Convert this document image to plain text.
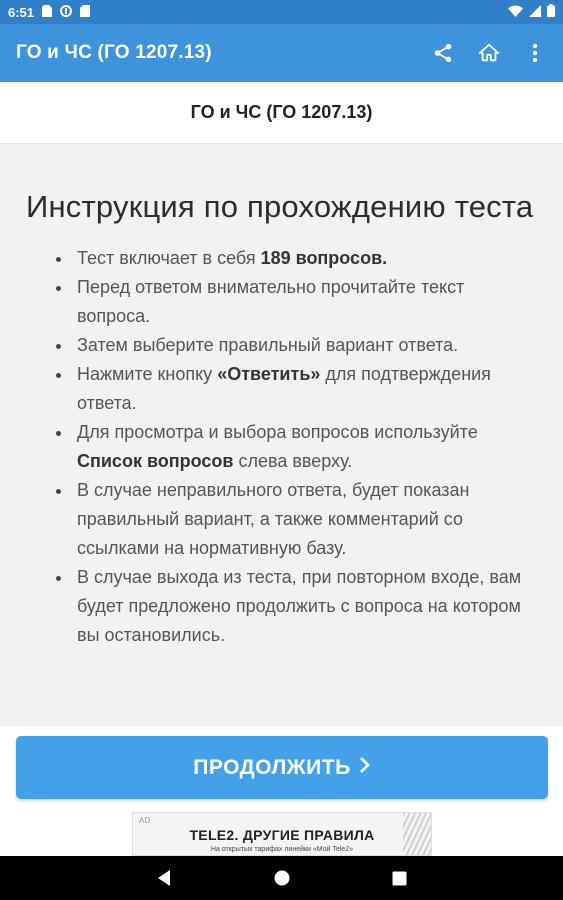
6:51
ГО и ЧС (ГО 1207.13)
ГО и ЧС (ГО 1207.13)
Инструкция по прохождению теста
Тест включает в себя 189 вопросов.
Перед ответом внимательно прочитайте текст вопроса.
Затем выберите правильный вариант ответа.
Нажмите кнопку «Ответить» для подтверждения ответа.
Для просмотра и выбора вопросов используйте Список вопросов слева вверху.
В случае неправильного ответа, будет показан правильный вариант, а также комментарий со ссылками на нормативную базу.
В случае выхода из теста, при повторном входе, вам будет предложено продолжить с вопроса на котором вы остановились.
ПРОДОЛЖИТЬ
AD
TELE2. ДРУГИЕ ПРАВИЛА
На открытых тарифах линейки «Мой Tele2»
